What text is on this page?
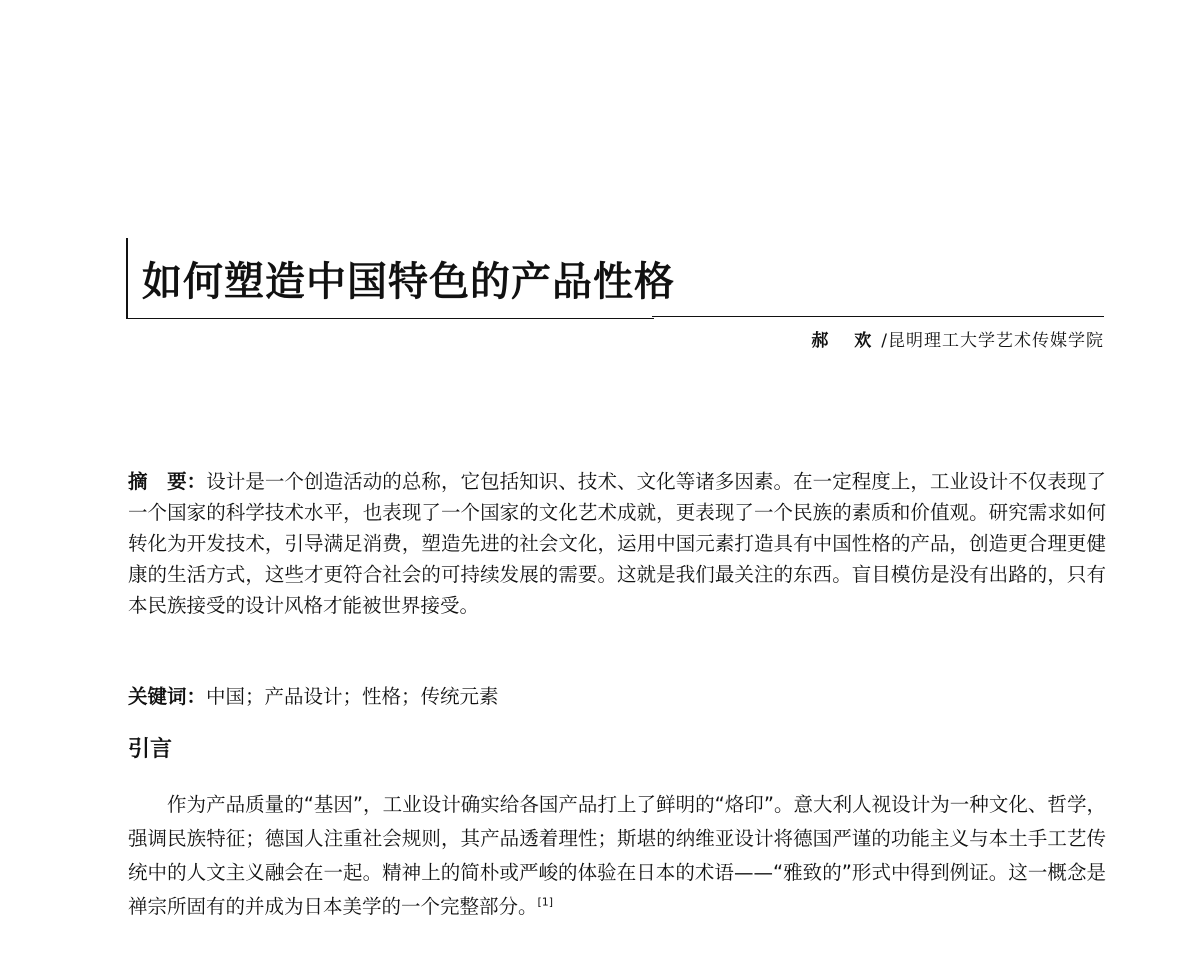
如何塑造中国特色的产品性格
郝 欢/昆明理工大学艺术传媒学院

摘　要：设计是一个创造活动的总称，它包括知识、技术、文化等诸多因素。在一定程度上，工业设计不仅表现了一个国家的科学技术水平，也表现了一个国家的文化艺术成就，更表现了一个民族的素质和价值观。研究需求如何转化为开发技术，引导满足消费，塑造先进的社会文化，运用中国元素打造具有中国性格的产品，创造更合理更健康的生活方式，这些才更符合社会的可持续发展的需要。这就是我们最关注的东西。盲目模仿是没有出路的，只有本民族接受的设计风格才能被世界接受。

关键词：中国；产品设计；性格；传统元素
引言

作为产品质量的“基因”，工业设计确实给各国产品打上了鲜明的“烙印”。意大利人视设计为一种文化、哲学，强调民族特征；德国人注重社会规则，其产品透着理性；斯堪的纳维亚设计将德国严谨的功能主义与本土手工艺传统中的人文主义融会在一起。精神上的简朴或严峻的体验在日本的术语——“雅致的”形式中得到例证。这一概念是禅宗所固有的并成为日本美学的一个完整部分。[1]
